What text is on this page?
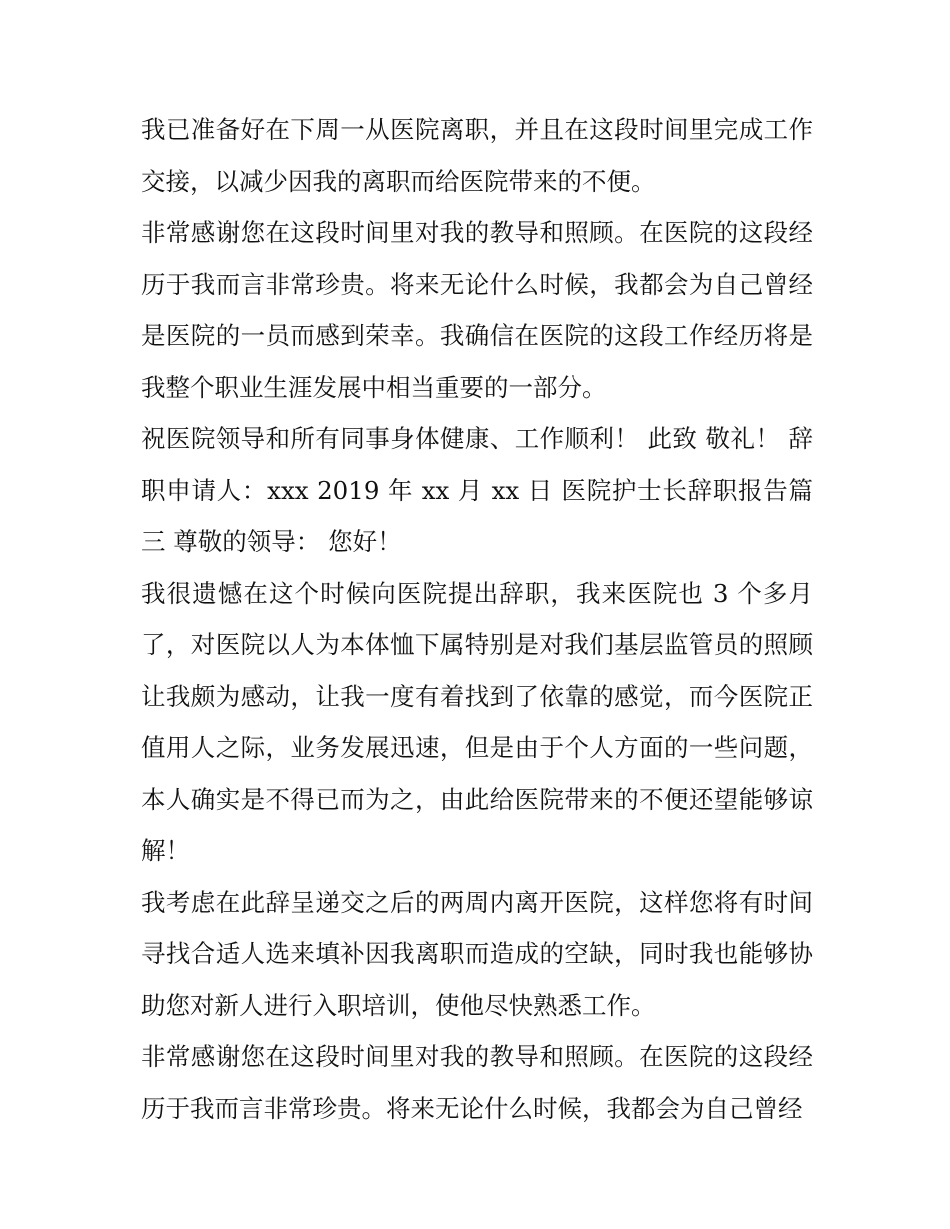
我已准备好在下周一从医院离职，并且在这段时间里完成工作交接，以减少因我的离职而给医院带来的不便。

非常感谢您在这段时间里对我的教导和照顾。在医院的这段经历于我而言非常珍贵。将来无论什么时候，我都会为自己曾经是医院的一员而感到荣幸。我确信在医院的这段工作经历将是我整个职业生涯发展中相当重要的一部分。

祝医院领导和所有同事身体健康、工作顺利！ 此致 敬礼！ 辞职申请人：xxx 2019 年 xx 月 xx 日 医院护士长辞职报告篇三 尊敬的领导： 您好！

我很遗憾在这个时候向医院提出辞职，我来医院也 3 个多月了，对医院以人为本体恤下属特别是对我们基层监管员的照顾让我颇为感动，让我一度有着找到了依靠的感觉，而今医院正值用人之际，业务发展迅速，但是由于个人方面的一些问题，本人确实是不得已而为之，由此给医院带来的不便还望能够谅解！

我考虑在此辞呈递交之后的两周内离开医院，这样您将有时间寻找合适人选来填补因我离职而造成的空缺，同时我也能够协助您对新人进行入职培训，使他尽快熟悉工作。

非常感谢您在这段时间里对我的教导和照顾。在医院的这段经历于我而言非常珍贵。将来无论什么时候，我都会为自己曾经
